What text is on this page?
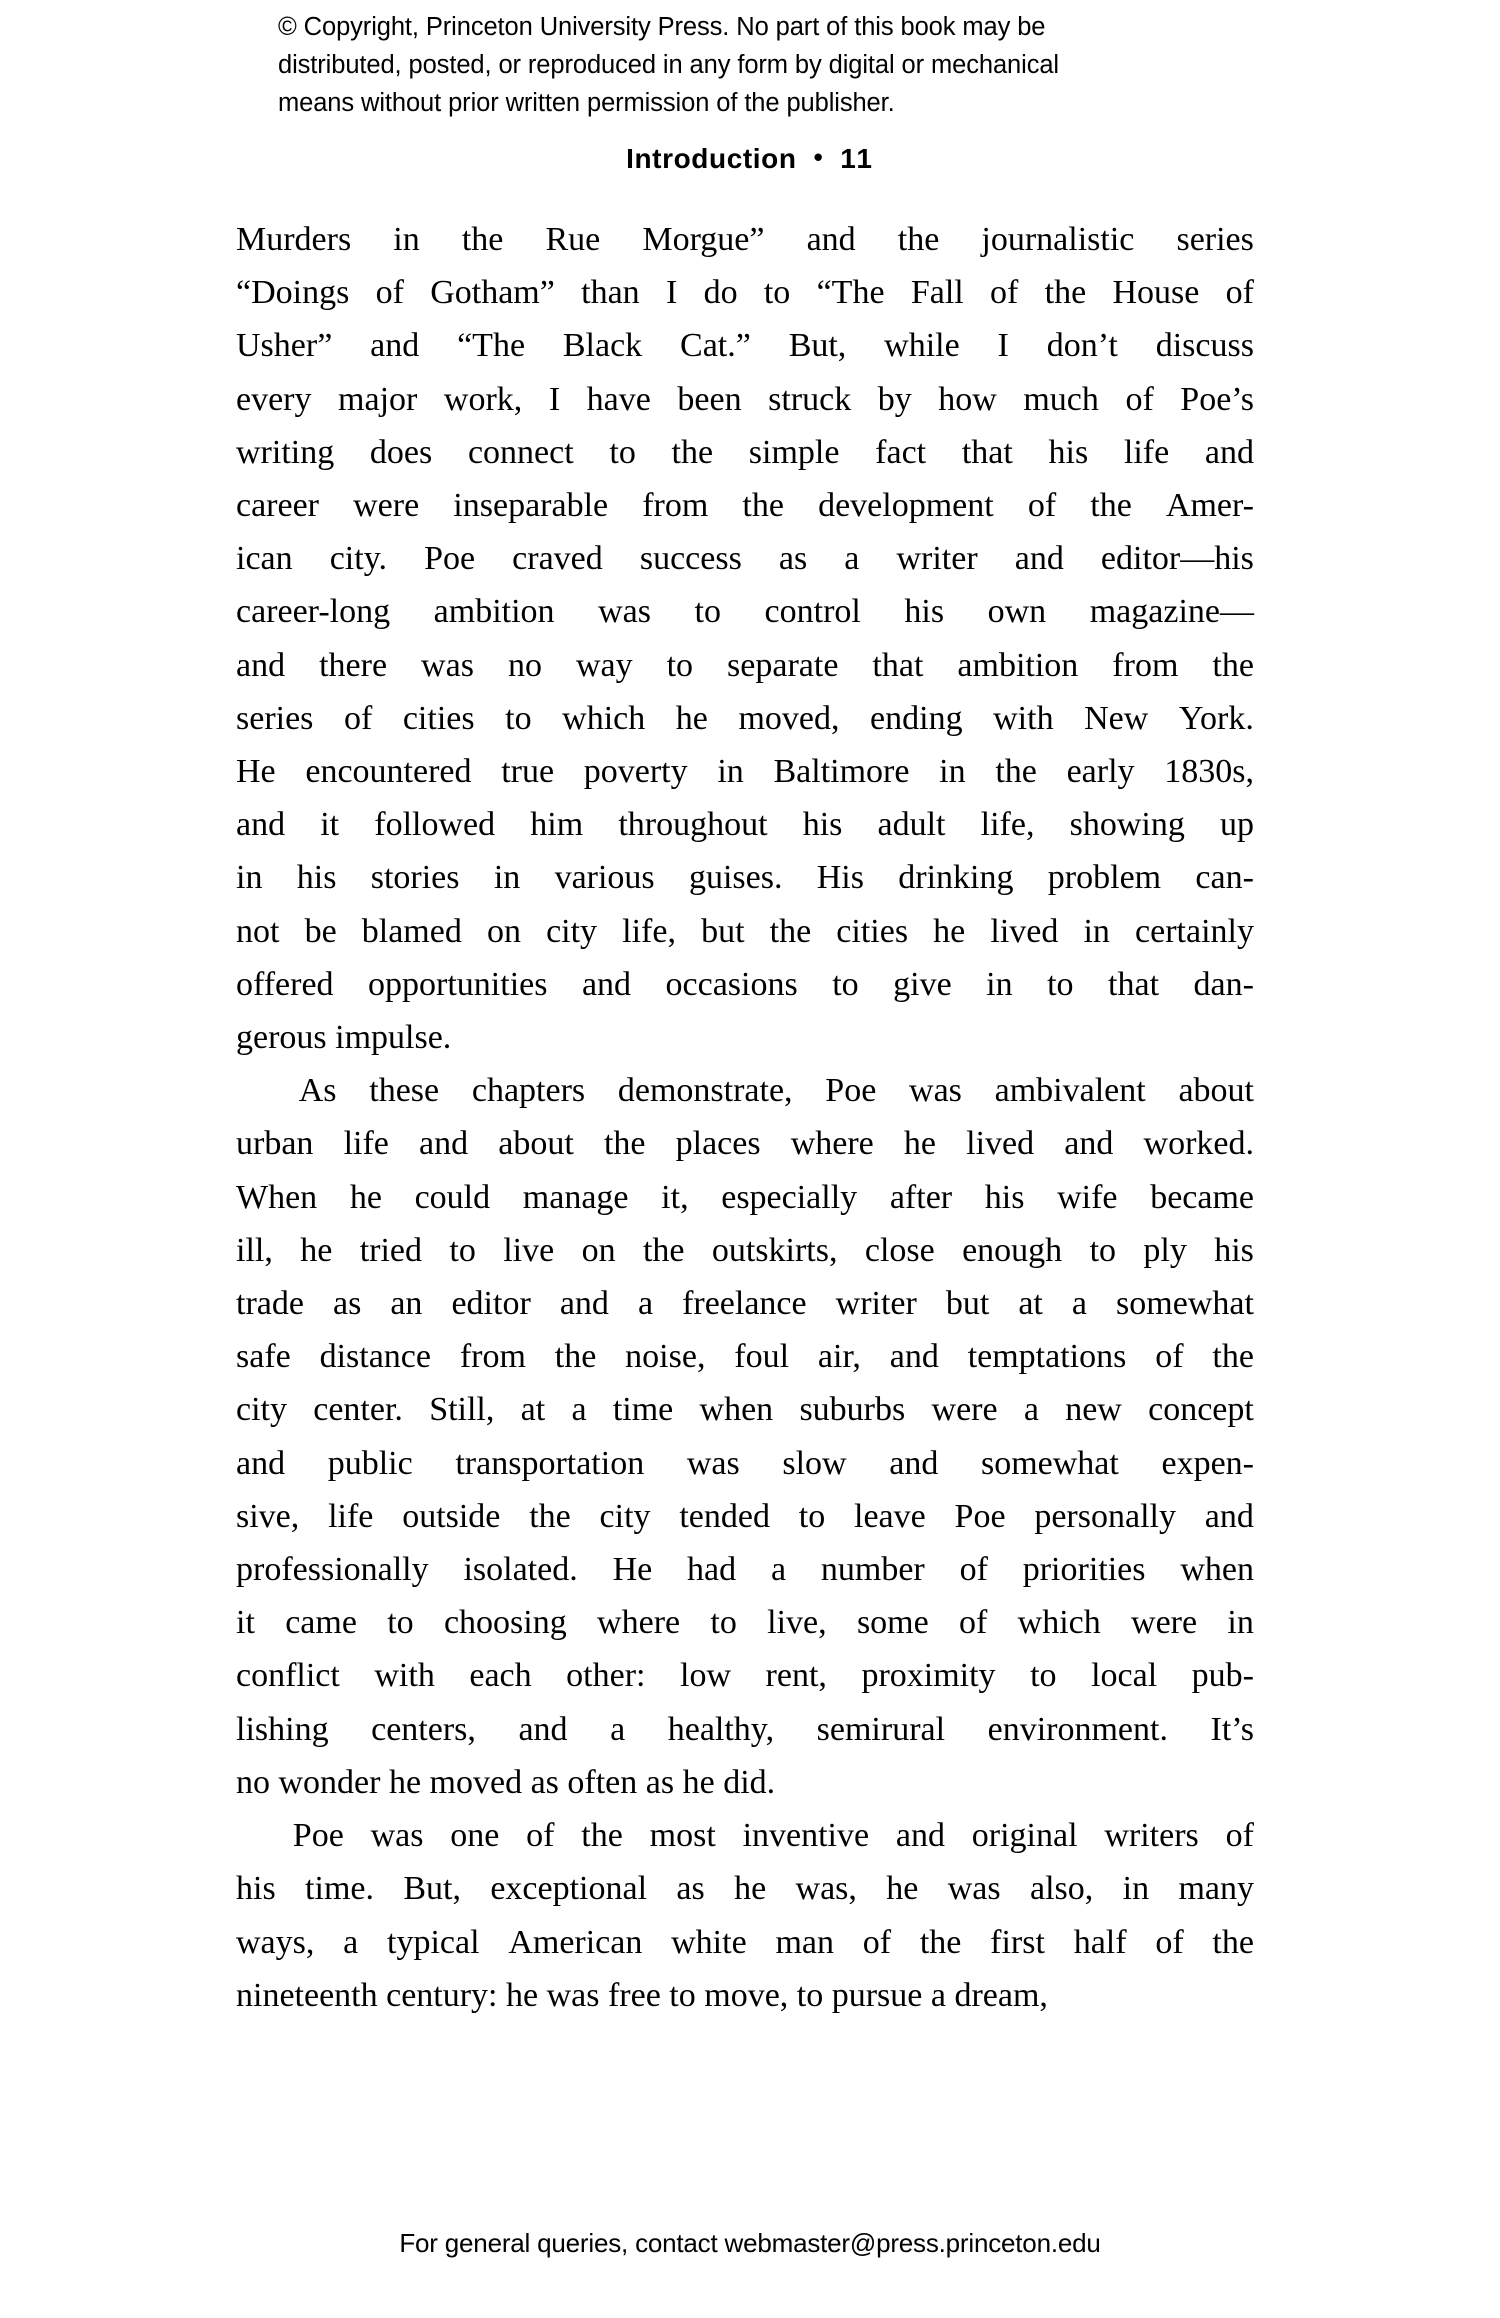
© Copyright, Princeton University Press. No part of this book may be
distributed, posted, or reproduced in any form by digital or mechanical
means without prior written permission of the publisher.
Introduction • 11

Murders in the Rue Morgue” and the journalistic series
“Doings of Gotham” than I do to “The Fall of the House of
Usher” and “The Black Cat.” But, while I don’t discuss
every major work, I have been struck by how much of Poe’s
writing does connect to the simple fact that his life and
career were inseparable from the development of the Amer-
ican city. Poe craved success as a writer and editor—his
career-long ambition was to control his own magazine—
and there was no way to separate that ambition from the
series of cities to which he moved, ending with New York.
He encountered true poverty in Baltimore in the early 1830s,
and it followed him throughout his adult life, showing up
in his stories in various guises. His drinking problem can-
not be blamed on city life, but the cities he lived in certainly
offered opportunities and occasions to give in to that dan-
gerous impulse.

As these chapters demonstrate, Poe was ambivalent about
urban life and about the places where he lived and worked.
When he could manage it, especially after his wife became
ill, he tried to live on the outskirts, close enough to ply his
trade as an editor and a freelance writer but at a somewhat
safe distance from the noise, foul air, and temptations of the
city center. Still, at a time when suburbs were a new concept
and public transportation was slow and somewhat expen-
sive, life outside the city tended to leave Poe personally and
professionally isolated. He had a number of priorities when
it came to choosing where to live, some of which were in
conflict with each other: low rent, proximity to local pub-
lishing centers, and a healthy, semirural environment. It’s
no wonder he moved as often as he did.

Poe was one of the most inventive and original writers of
his time. But, exceptional as he was, he was also, in many
ways, a typical American white man of the first half of the
nineteenth century: he was free to move, to pursue a dream,

For general queries, contact webmaster@press.princeton.edu
